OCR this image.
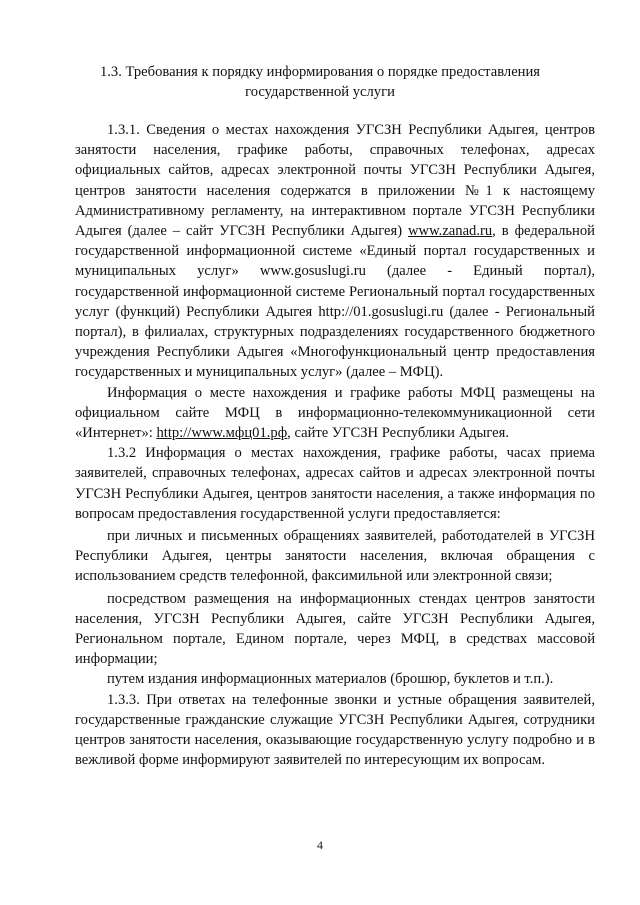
1.3. Требования к порядку информирования о порядке предоставления
государственной услуги

1.3.1. Сведения о местах нахождения УГСЗН Республики Адыгея, центров занятости населения, графике работы, справочных телефонах, адресах официальных сайтов, адресах электронной почты УГСЗН Республики Адыгея, центров занятости населения содержатся в приложении №1 к настоящему Административному регламенту, на интерактивном портале УГСЗН Республики Адыгея (далее – сайт УГСЗН Республики Адыгея) www.zanad.ru, в федеральной государственной информационной системе «Единый портал государственных и муниципальных услуг» www.gosuslugi.ru (далее - Единый портал), государственной информационной системе Региональный портал государственных услуг (функций) Республики Адыгея http://01.gosuslugi.ru (далее - Региональный портал), в филиалах, структурных подразделениях государственного бюджетного учреждения Республики Адыгея «Многофункциональный центр предоставления государственных и муниципальных услуг» (далее – МФЦ).

Информация о месте нахождения и графике работы МФЦ размещены на официальном сайте МФЦ в информационно-телекоммуникационной сети «Интернет»: http://www.мфц01.рф, сайте УГСЗН Республики Адыгея.

1.3.2 Информация о местах нахождения, графике работы, часах приема заявителей, справочных телефонах, адресах сайтов и адресах электронной почты УГСЗН Республики Адыгея, центров занятости населения, а также информация по вопросам предоставления государственной услуги предоставляется:

при личных и письменных обращениях заявителей, работодателей в УГСЗН Республики Адыгея, центры занятости населения, включая обращения с использованием средств телефонной, факсимильной или электронной связи;

посредством размещения на информационных стендах центров занятости населения, УГСЗН Республики Адыгея, сайте УГСЗН Республики Адыгея, Региональном портале, Едином портале, через МФЦ, в средствах массовой информации;

путем издания информационных материалов (брошюр, буклетов и т.п.).

1.3.3. При ответах на телефонные звонки и устные обращения заявителей, государственные гражданские служащие УГСЗН Республики Адыгея, сотрудники центров занятости населения, оказывающие государственную услугу подробно и в вежливой форме информируют заявителей по интересующим их вопросам.

4
